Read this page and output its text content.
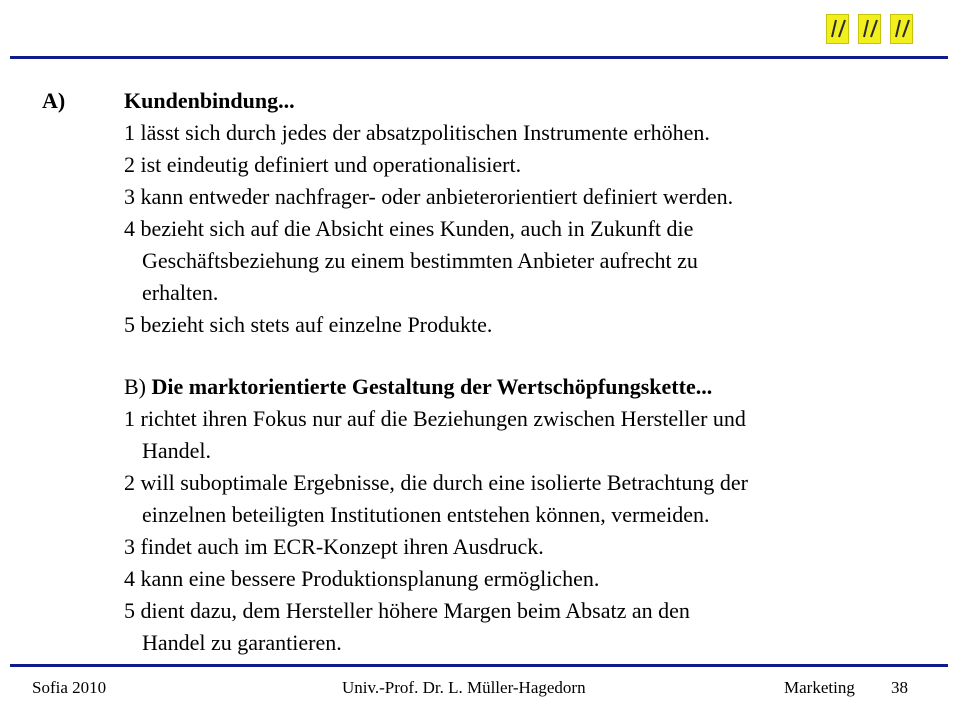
A)	Kundenbindung...
1 lässt sich durch jedes der absatzpolitischen Instrumente erhöhen.
2 ist eindeutig definiert und operationalisiert.
3 kann entweder nachfrager- oder anbieterorientiert definiert werden.
4 bezieht sich auf die Absicht eines Kunden, auch in Zukunft die
Geschäftsbeziehung zu einem bestimmten Anbieter aufrecht zu
erhalten.
5 bezieht sich stets auf einzelne Produkte.
B) Die marktorientierte Gestaltung der Wertschöpfungskette...
1 richtet ihren Fokus nur auf die Beziehungen zwischen Hersteller und
Handel.
2 will suboptimale Ergebnisse, die durch eine isolierte Betrachtung der
einzelnen beteiligten Institutionen entstehen können, vermeiden.
3 findet auch im ECR-Konzept ihren Ausdruck.
4 kann eine bessere Produktionsplanung ermöglichen.
5 dient dazu, dem Hersteller höhere Margen beim Absatz an den
Handel zu garantieren.
Sofia 2010	Univ.-Prof. Dr. L. Müller-Hagedorn	Marketing 38
